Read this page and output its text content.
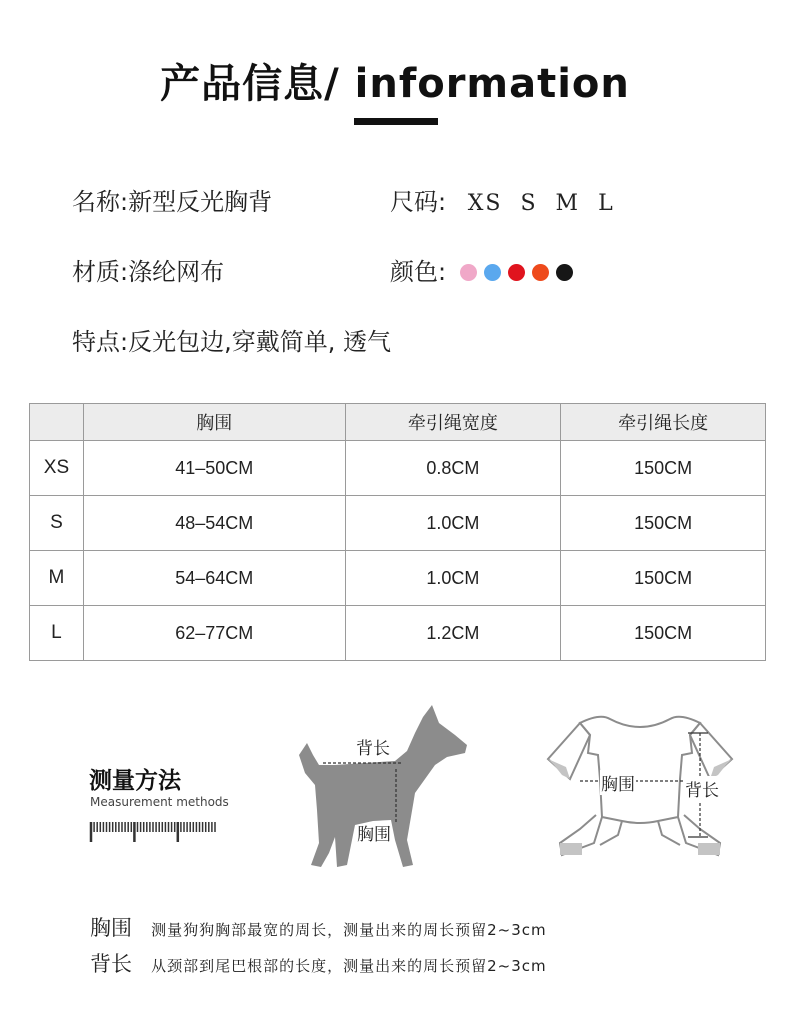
产品信息/ information
名称:新型反光胸背	尺码: XS S M L
材质:涤纶网布	颜色:
特点:反光包边,穿戴简单, 透气
	胸围	牵引绳宽度	牵引绳长度
XS	41–50CM	0.8CM	150CM
S	48–54CM	1.0CM	150CM
M	54–64CM	1.0CM	150CM
L	62–77CM	1.2CM	150CM
测量方法
Measurement methods
背长
胸围
胸围	背长
胸围 测量狗狗胸部最宽的周长，测量出来的周长预留2~3cm
背长 从颈部到尾巴根部的长度，测量出来的周长预留2~3cm
